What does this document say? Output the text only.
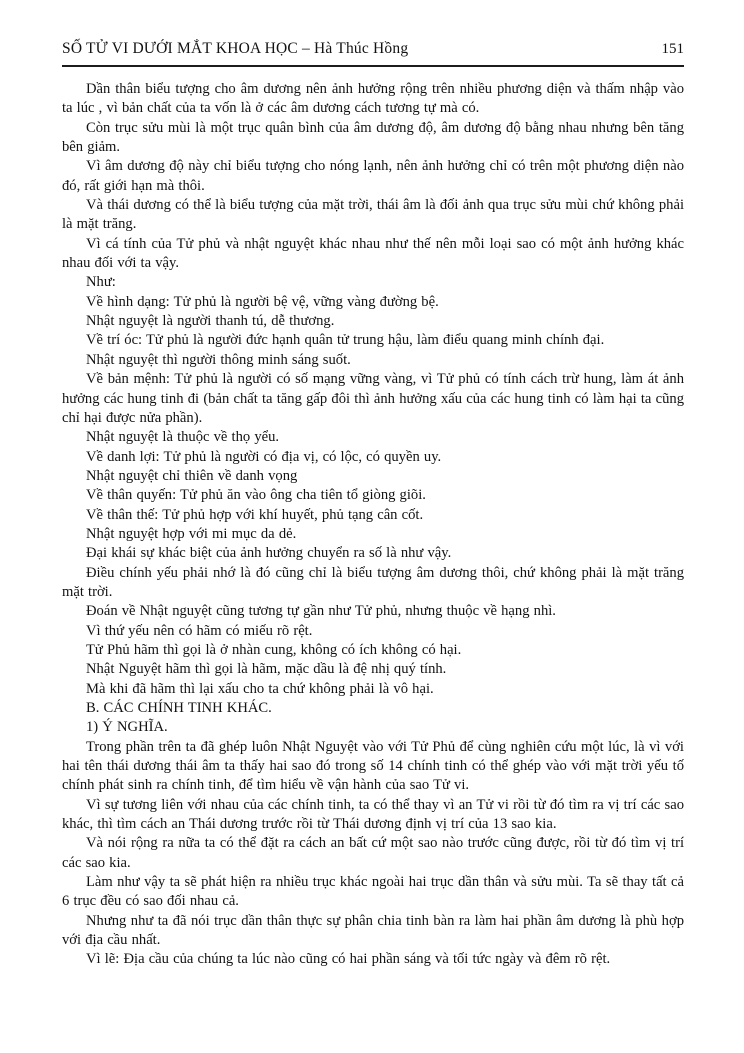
SỐ TỬ VI DƯỚI MẮT KHOA HỌC – Hà Thúc Hồng	151

Dần thân biểu tượng cho âm dương nên ảnh hưởng rộng trên nhiều phương diện và thấm nhập vào ta lúc , vì bản chất của ta vốn là ở các âm dương cách tương tự mà có.

Còn trục sửu mùi là một trục quân bình của âm dương độ, âm dương độ bằng nhau nhưng bên tăng bên giảm.

Vì âm dương độ này chỉ biểu tượng cho nóng lạnh, nên ảnh hưởng chỉ có trên một phương diện nào đó, rất giới hạn mà thôi.

Và thái dương có thể là biểu tượng của mặt trời, thái âm là đối ảnh qua trục sửu mùi chứ không phải là mặt trăng.

Vì cá tính của Tử phủ và nhật nguyệt khác nhau như thế nên mỗi loại sao có một ảnh hưởng khác nhau đối với ta vậy.

Như:

Về hình dạng: Tử phủ là người bệ vệ, vững vàng đường bệ.

Nhật nguyệt là người thanh tú, dễ thương.

Về trí óc: Tử phủ là người đức hạnh quân tử trung hậu, làm điểu quang minh chính đại.

Nhật nguyệt thì người thông minh sáng suốt.

Về bản mệnh: Tử phủ là người có số mạng vững vàng, vì Tử phủ có tính cách trừ hung, làm át ảnh hưởng các hung tinh đi (bản chất ta tăng gấp đôi thì ảnh hưởng xấu của các hung tinh có làm hại ta cũng chỉ hại được nửa phần).

Nhật nguyệt là thuộc về thọ yểu.

Về danh lợi: Tử phủ là người có địa vị, có lộc, có quyền uy.

Nhật nguyệt chỉ thiên về danh vọng

Về thân quyến: Tử phủ ăn vào ông cha tiên tổ giòng giõi.

Về thân thế: Tử phủ hợp với khí huyết, phủ tạng cân cốt.

Nhật nguyệt hợp với mi mục da dẻ.

Đại khái sự khác biệt của ảnh hưởng chuyển ra số là như vậy.

Điều chính yếu phải nhớ là đó cũng chỉ là biểu tượng âm dương thôi, chứ không phải là mặt trăng mặt trời.

Đoán về Nhật nguyệt cũng tương tự gần như Tử phủ, nhưng thuộc về hạng nhì.

Vì thứ yếu nên có hãm có miếu rõ rệt.

Tử Phủ hãm thì gọi là ở nhàn cung, không có ích không có hại.

Nhật Nguyệt hãm thì gọi là hãm, mặc dầu là đệ nhị quý tính.

Mà khi đã hãm thì lại xấu cho ta chứ không phải là vô hại.

B. CÁC CHÍNH TINH KHÁC.

1) Ý NGHĨA.

Trong phần trên ta đã ghép luôn Nhật Nguyệt vào với Tử Phủ để cùng nghiên cứu một lúc, là vì với hai tên thái dương thái âm ta thấy hai sao đó trong số 14 chính tinh có thể ghép vào với mặt trời yếu tố chính phát sinh ra chính tinh, để tìm hiểu về vận hành của sao Tử vi.

Vì sự tương liên với nhau của các chính tinh, ta có thể thay vì an Tử vi rồi từ đó tìm ra vị trí các sao khác, thì tìm cách an Thái dương trước rồi từ Thái dương định vị trí của 13 sao kia.

Và nói rộng ra nữa ta có thể đặt ra cách an bất cứ một sao nào trước cũng được, rồi từ đó tìm vị trí các sao kia.

Làm như vậy ta sẽ phát hiện ra nhiều trục khác ngoài hai trục dần thân và sửu mùi. Ta sẽ thay tất cả 6 trục đều có sao đối nhau cả.

Nhưng như ta đã nói trục dần thân thực sự phân chia tinh bàn ra làm hai phần âm dương là phù hợp với địa cầu nhất.

Vì lẽ: Địa cầu của chúng ta lúc nào cũng có hai phần sáng và tối tức ngày và đêm rõ rệt.
